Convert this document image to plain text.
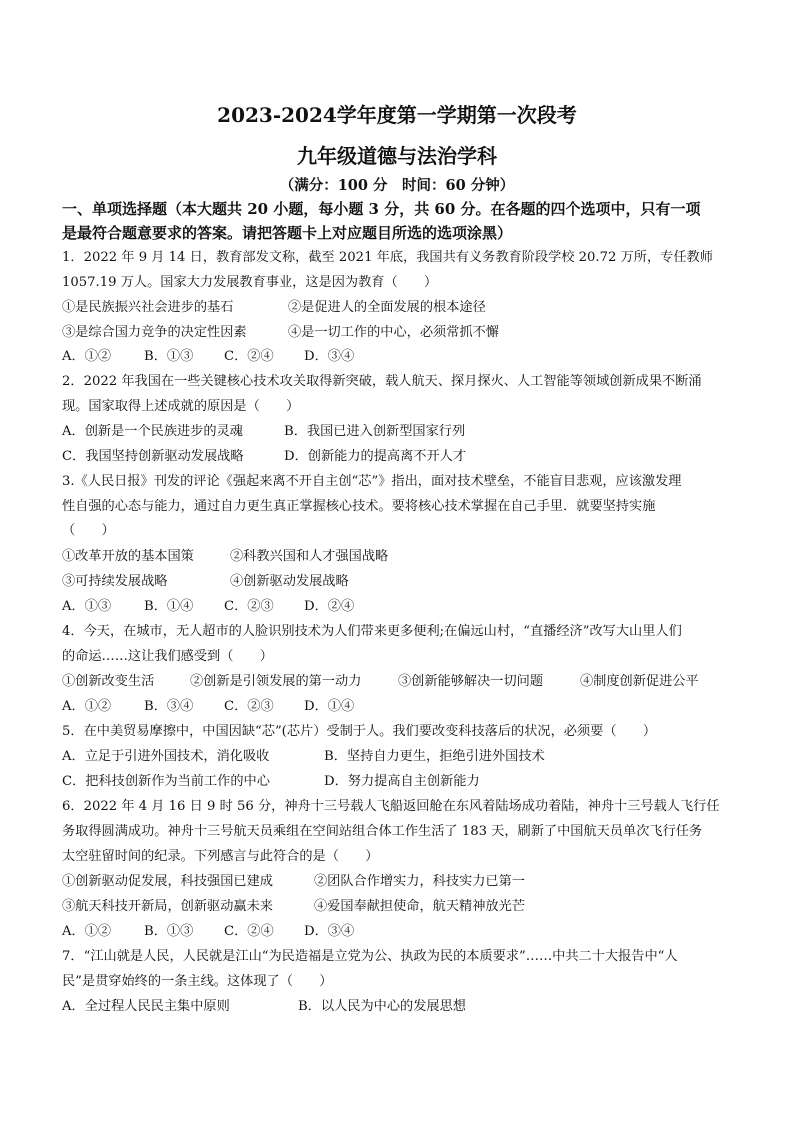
2023-2024学年度第一学期第一次段考
九年级道德与法治学科
（满分：100 分　时间：60 分钟）
一、单项选择题（本大题共 20 小题，每小题 3 分，共 60 分。在各题的四个选项中，只有一项
是最符合题意要求的答案。请把答题卡上对应题目所选的选项涂黑）
1．2022 年 9 月 14 日，教育部发文称，截至 2021 年底，我国共有义务教育阶段学校 20.72 万所，专任教师
1057.19 万人。国家大力发展教育事业，这是因为教育（　　）
①是民族振兴社会进步的基石	②是促进人的全面发展的根本途径
③是综合国力竞争的决定性因素	④是一切工作的中心，必须常抓不懈
A．①② B．①③ C．②④ D．③④
2．2022 年我国在一些关键核心技术攻关取得新突破，载人航天、探月探火、人工智能等领域创新成果不断涌
现。国家取得上述成就的原因是（　　）
A．创新是一个民族进步的灵魂	B．我国已进入创新型国家行列
C．我国坚持创新驱动发展战略	D．创新能力的提高离不开人才
3.《人民日报》刊发的评论《强起来离不开自主创“芯”》指出，面对技术壁垒，不能盲目悲观，应该激发理
性自强的心态与能力，通过自力更生真正掌握核心技术。要将核心技术掌握在自己手里．就要坚持实施
（　　）
①改革开放的基本国策	②科教兴国和人才强国战略
③可持续发展战略	④创新驱动发展战略
A．①③ B．①④ C．②③ D．②④
4．今天，在城市，无人超市的人脸识别技术为人们带来更多便利;在偏远山村，“直播经济”改写大山里人们
的命运……这让我们感受到（　　）
①创新改变生活	②创新是引领发展的第一动力	③创新能够解决一切问题	④制度创新促进公平
A．①② B．③④ C．②③ D．①④
5．在中美贸易摩擦中，中国因缺“芯”(芯片）受制于人。我们要改变科技落后的状况，必须要（　　）
A．立足于引进外国技术，消化吸收	B．坚持自力更生，拒绝引进外国技术
C．把科技创新作为当前工作的中心	D．努力提高自主创新能力
6．2022 年 4 月 16 日 9 时 56 分，神舟十三号载人飞船返回舱在东风着陆场成功着陆，神舟十三号载人飞行任
务取得圆满成功。神舟十三号航天员乘组在空间站组合体工作生活了 183 天，刷新了中国航天员单次飞行任务
太空驻留时间的纪录。下列感言与此符合的是（　　）
①创新驱动促发展，科技强国已建成	②团队合作增实力，科技实力已第一
③航天科技开新局，创新驱动赢未来	④爱国奉献担使命，航天精神放光芒
A．①② B．①③ C．②④ D．③④
7．“江山就是人民，人民就是江山“为民造福是立党为公、执政为民的本质要求”……中共二十大报告中“人
民”是贯穿始终的一条主线。这体现了（　　）
A．全过程人民民主集中原则	B．以人民为中心的发展思想
